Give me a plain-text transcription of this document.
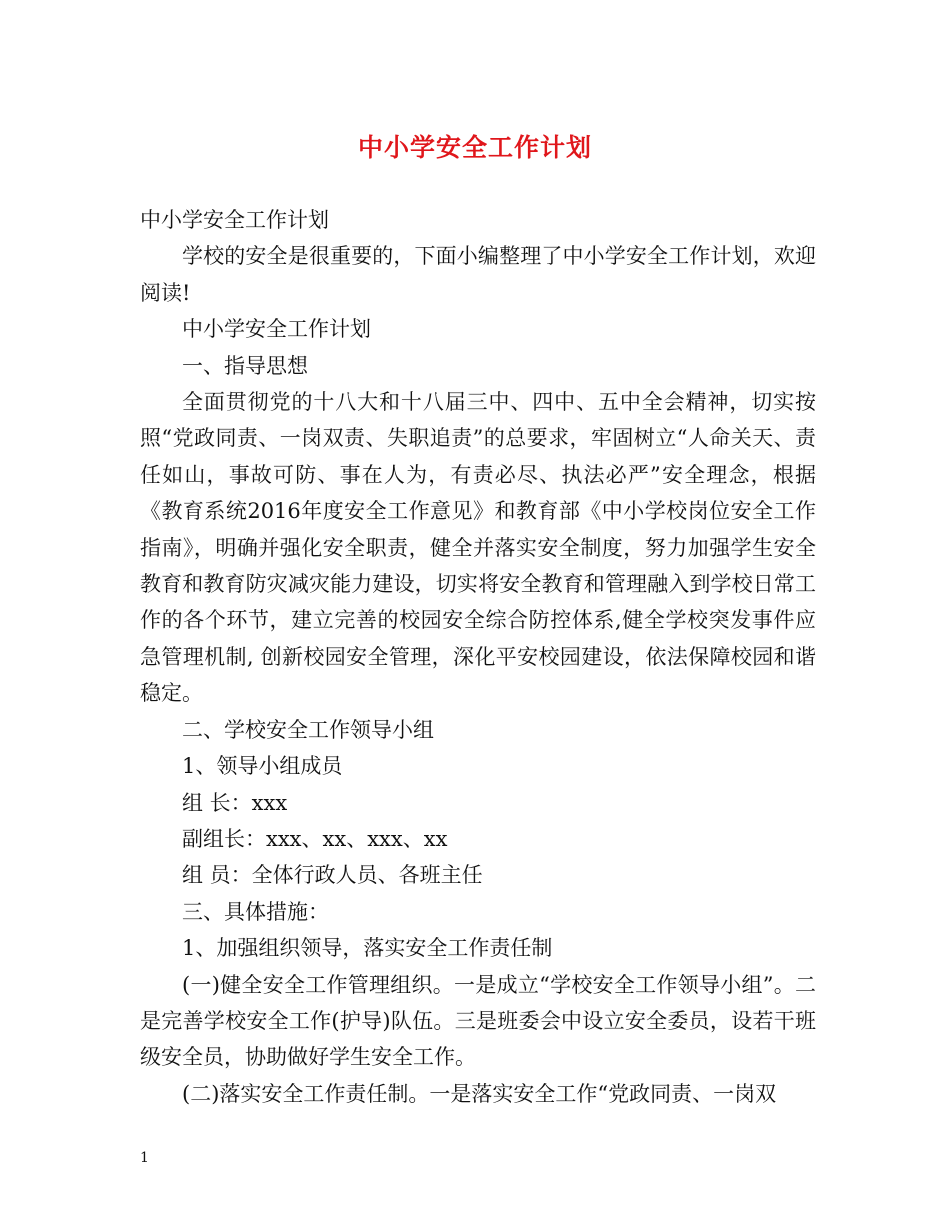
中小学安全工作计划

中小学安全工作计划

学校的安全是很重要的，下面小编整理了中小学安全工作计划，欢迎阅读!

中小学安全工作计划

一、指导思想

全面贯彻党的十八大和十八届三中、四中、五中全会精神，切实按照“党政同责、一岗双责、失职追责”的总要求，牢固树立“人命关天、责任如山，事故可防、事在人为，有责必尽、执法必严”安全理念，根据《教育系统2016年度安全工作意见》和教育部《中小学校岗位安全工作指南》，明确并强化安全职责，健全并落实安全制度，努力加强学生安全教育和教育防灾减灾能力建设，切实将安全教育和管理融入到学校日常工作的各个环节，建立完善的校园安全综合防控体系,健全学校突发事件应急管理机制, 创新校园安全管理，深化平安校园建设，依法保障校园和谐稳定。

二、学校安全工作领导小组

1、领导小组成员

组 长：xxx

副组长：xxx、xx、xxx、xx

组 员：全体行政人员、各班主任

三、具体措施：

1、加强组织领导，落实安全工作责任制

(一)健全安全工作管理组织。一是成立“学校安全工作领导小组”。二是完善学校安全工作(护导)队伍。三是班委会中设立安全委员，设若干班级安全员，协助做好学生安全工作。

(二)落实安全工作责任制。一是落实安全工作“党政同责、一岗双

1
